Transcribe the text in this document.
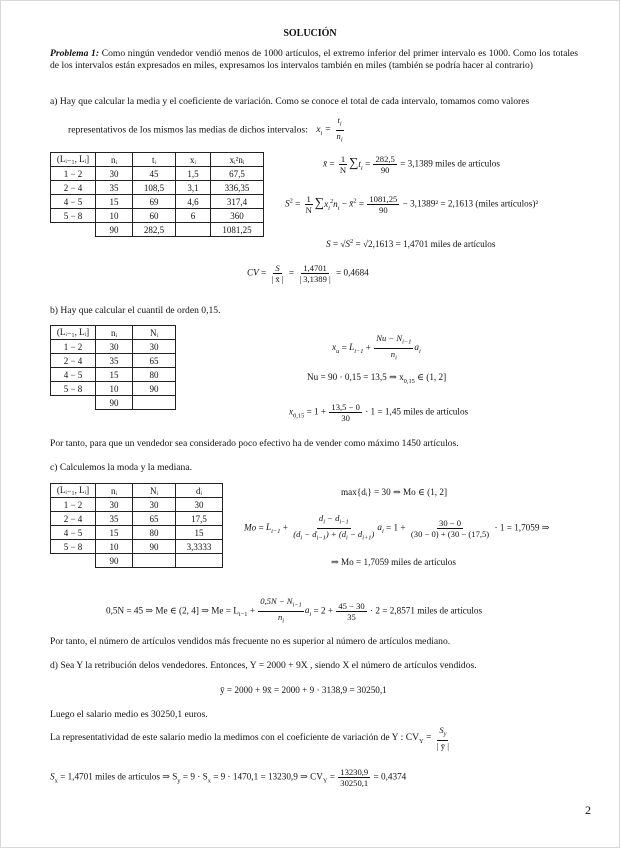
SOLUCIÓN
Problema 1: Como ningún vendedor vendió menos de 1000 artículos, el extremo inferior del primer intervalo es 1000. Como los totales de los intervalos están expresados en miles, expresamos los intervalos también en miles (también se podría hacer al contrario)
a) Hay que calcular la media y el coeficiente de variación. Como se conoce el total de cada intervalo, tomamos como valores
representativos de los mismos las medias de dichos intervalos: $x_i = \frac{t_i}{n_i}$
(Lᵢ₋₁, Lᵢ]	nᵢ	tᵢ	xᵢ	xᵢ²nᵢ
1 − 2	30	45	1,5	67,5
2 − 4	35	108,5	3,1	336,35
4 − 5	15	69	4,6	317,4
5 − 8	10	60	6	360
	90	282,5		1081,25
x̄ = $\frac{1}{N} \sum t_i = \frac{282,5}{90} = 3,1389$ miles de artículos
$S^2 = \frac{1}{N} \sum x_i^2n_i$ − x̄$^2$ = $\frac{1081,25}{90} - 3,1389^2 = 2,1613$ (miles artículos)²
$S = √S^2 = √2,1613 = 1,4701$ miles de artículos
CV = $\frac{S}{| x̄ |} = \frac{1,4701}{| 3,1389 |} = 0,4684$
b) Hay que calcular el cuantil de orden 0,15.
(Lᵢ₋₁, Lᵢ]	nᵢ	Nᵢ
1 − 2	30	30
2 − 4	35	65
4 − 5	15	80
5 − 8	10	90
	90	
$x_u = L_{i-1} + \frac{Nu - N_{i-1}}{n_i} a_i$
Nu = 90 · 0,15 = 13,5 ⇒ $x_{0,15}$ ∈ (1, 2]
$x_{0,15} = 1 + \frac{13,5 - 0}{30} \cdot 1 = 1,45$ miles de artículos
Por tanto, para que un vendedor sea considerado poco efectivo ha de vender como máximo 1450 artículos.
c) Calculemos la moda y la mediana.
(Lᵢ₋₁, Lᵢ]	nᵢ	Nᵢ	dᵢ
1 − 2	30	30	30
2 − 4	35	65	17,5
4 − 5	15	80	15
5 − 8	10	90	3,3333
	90		
max{dᵢ} = 30 ⇒ Mo ∈ (1, 2]
$Mo = L_{i-1} + \frac{d_i - d_{i-1}}{(d_i - d_{i-1}) + (d_i - d_{i+1})} a_i = 1 + \frac{30 - 0}{(30 - 0) + (30 - (17,5)} \cdot 1 = 1,7059$ ⇒
⇒ Mo = 1,7059 miles de artículos
0,5N = 45 ⇒ Me ∈ (2, 4] ⇒ $Me = L_{i-1} + \frac{0,5N - N_{i-1}}{n_i} a_i = 2 + \frac{45 - 30}{35} \cdot 2 = 2,8571$ miles de artículos
Por tanto, el número de artículos vendidos más frecuente no es superior al número de artículos mediano.
d) Sea Y la retribución delos vendedores. Entonces, Y = 2000 + 9X , siendo X el número de artículos vendidos.
ȳ = 2000 + 9x̄ = 2000 + 9 · 3138,9 = 30250,1
Luego el salario medio es 30250,1 euros.
La representatividad de este salario medio la medimos con el coeficiente de variación de Y : $CV_Y = \frac{S_y}{| ȳ |}$
$S_x = 1,4701$ miles de artículos ⇒ $S_y = 9 \cdot S_x = 9 \cdot 1470,1 = 13230,9$ ⇒ $CV_Y = \frac{13230,9}{30250,1} = 0,4374$
2
